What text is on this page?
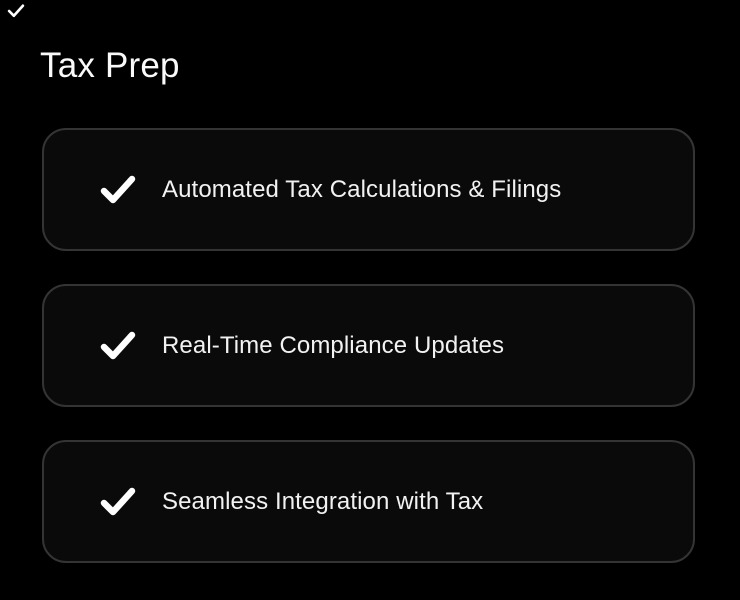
Tax Prep
Automated Tax Calculations & Filings
Real-Time Compliance Updates
Seamless Integration with Tax
